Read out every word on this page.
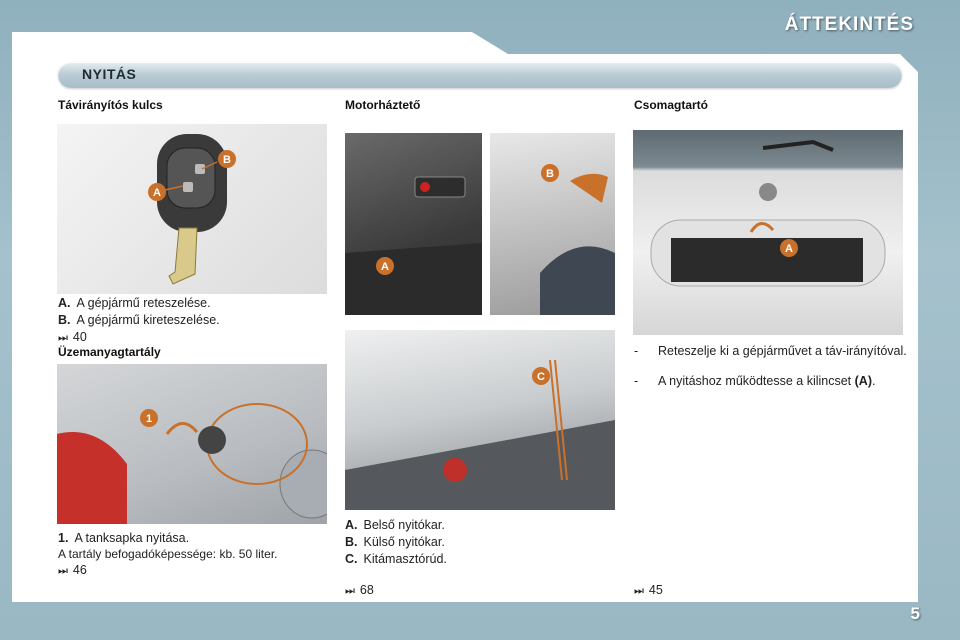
ÁTTEKINTÉS
NYITÁS
Távirányítós kulcs
B
A
A. A gépjármű reteszelése.
B. A gépjármű kireteszelése.
⏭ 40
Üzemanyagtartály
1
1. A tanksapka nyitása.
A tartály befogadóképessége: kb. 50 liter.
⏭ 46
Motorháztető
A
B
C
A. Belső nyitókar.
B. Külső nyitókar.
C. Kitámasztórúd.
⏭ 68
Csomagtartó
A
- Reteszelje ki a gépjárművet a táv-irányítóval.
- A nyitáshoz működtesse a kilincset (A).
⏭ 45
5
